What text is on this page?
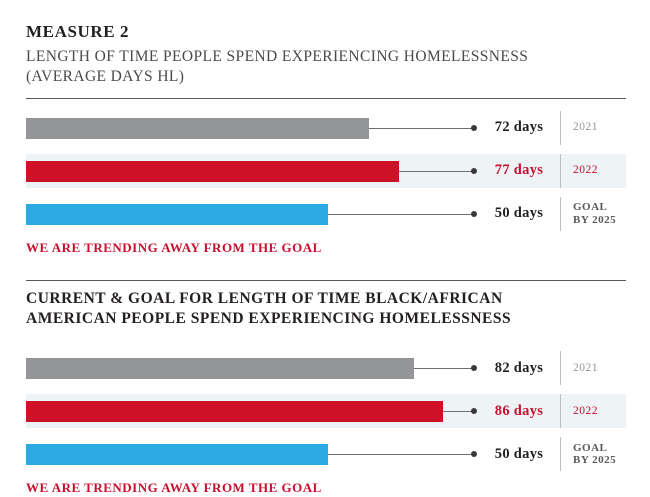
MEASURE 2

LENGTH OF TIME PEOPLE SPEND EXPERIENCING HOMELESSNESS

(AVERAGE DAYS HL)

72 days	2021
77 days	2022
50 days	GOAL
BY 2025

WE ARE TRENDING AWAY FROM THE GOAL

CURRENT & GOAL FOR LENGTH OF TIME BLACK/AFRICAN

AMERICAN PEOPLE SPEND EXPERIENCING HOMELESSNESS

82 days	2021
86 days	2022
50 days	GOAL
BY 2025

WE ARE TRENDING AWAY FROM THE GOAL
